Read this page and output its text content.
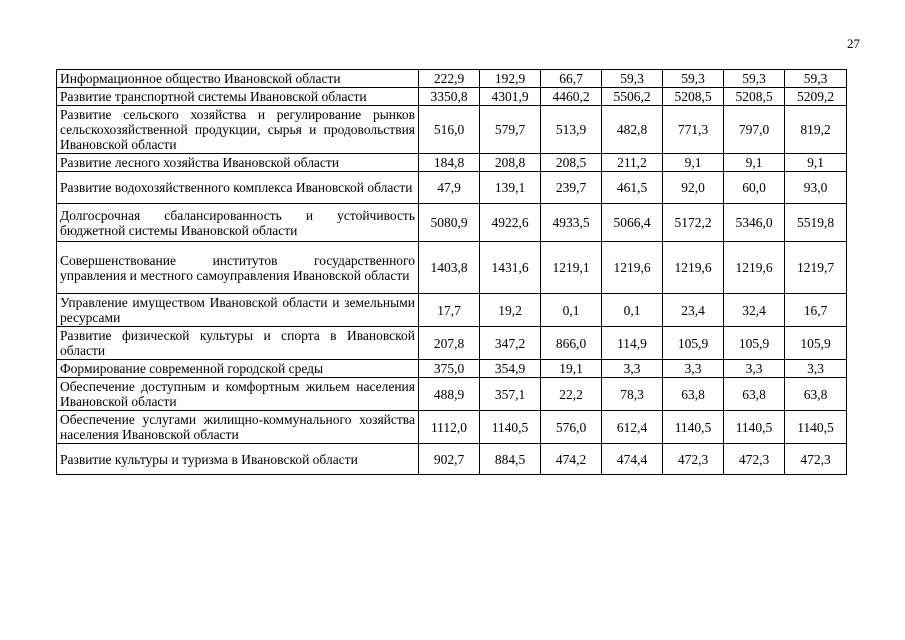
27
Информационное общество Ивановской области	222,9	192,9	66,7	59,3	59,3	59,3	59,3
Развитие транспортной системы Ивановской области	3350,8	4301,9	4460,2	5506,2	5208,5	5208,5	5209,2
Развитие сельского хозяйства и регулирование рынков сельскохозяйственной продукции, сырья и продовольствия Ивановской области	516,0	579,7	513,9	482,8	771,3	797,0	819,2
Развитие лесного хозяйства Ивановской области	184,8	208,8	208,5	211,2	9,1	9,1	9,1
Развитие водохозяйственного комплекса Ивановской области	47,9	139,1	239,7	461,5	92,0	60,0	93,0
Долгосрочная сбалансированность и устойчивость бюджетной системы Ивановской области	5080,9	4922,6	4933,5	5066,4	5172,2	5346,0	5519,8
Совершенствование институтов государственного управления и местного самоуправления Ивановской области	1403,8	1431,6	1219,1	1219,6	1219,6	1219,6	1219,7
Управление имуществом Ивановской области и земельными ресурсами	17,7	19,2	0,1	0,1	23,4	32,4	16,7
Развитие физической культуры и спорта в Ивановской области	207,8	347,2	866,0	114,9	105,9	105,9	105,9
Формирование современной городской среды	375,0	354,9	19,1	3,3	3,3	3,3	3,3
Обеспечение доступным и комфортным жильем населения Ивановской области	488,9	357,1	22,2	78,3	63,8	63,8	63,8
Обеспечение услугами жилищно-коммунального хозяйства населения Ивановской области	1112,0	1140,5	576,0	612,4	1140,5	1140,5	1140,5
Развитие культуры и туризма в Ивановской области	902,7	884,5	474,2	474,4	472,3	472,3	472,3
